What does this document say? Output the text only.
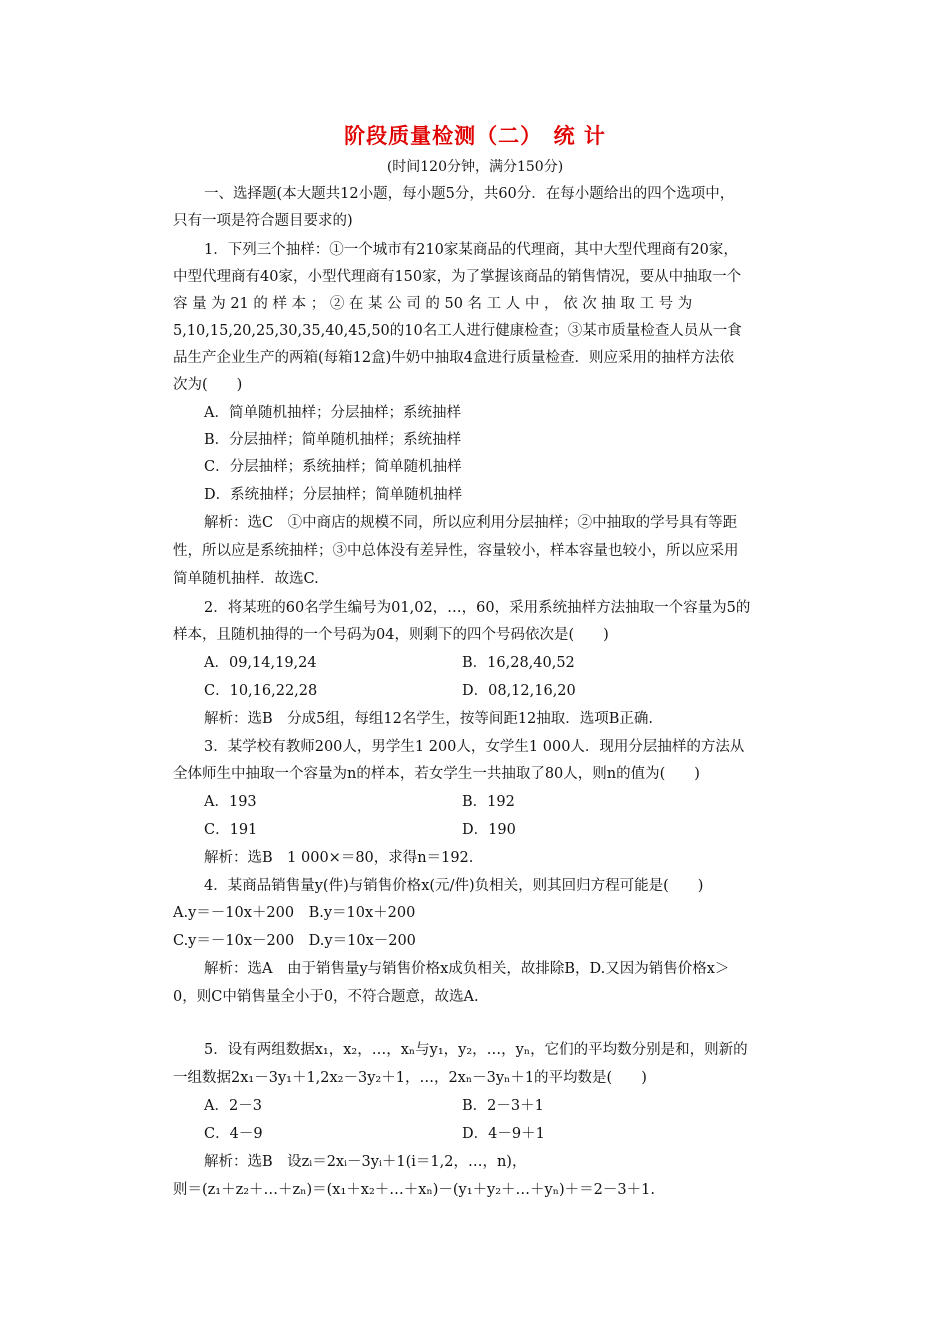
阶段质量检测（二）　统 计
(时间120分钟，满分150分)
一、选择题(本大题共12小题，每小题5分，共60分．在每小题给出的四个选项中，
只有一项是符合题目要求的)
1．下列三个抽样：①一个城市有210家某商品的代理商，其中大型代理商有20家，
中型代理商有40家，小型代理商有150家，为了掌握该商品的销售情况，要从中抽取一个
容 量 为 21 的 样 本 ； ② 在 某 公 司 的 50 名 工 人 中 ， 依 次 抽 取 工 号 为
5,10,15,20,25,30,35,40,45,50的10名工人进行健康检查；③某市质量检查人员从一食
品生产企业生产的两箱(每箱12盒)牛奶中抽取4盒进行质量检查．则应采用的抽样方法依
次为(　　)
A．简单随机抽样；分层抽样；系统抽样
B．分层抽样；简单随机抽样；系统抽样
C．分层抽样；系统抽样；简单随机抽样
D．系统抽样；分层抽样；简单随机抽样
解析：选C　①中商店的规模不同，所以应利用分层抽样；②中抽取的学号具有等距
性，所以应是系统抽样；③中总体没有差异性，容量较小，样本容量也较小，所以应采用
简单随机抽样．故选C.
2．将某班的60名学生编号为01,02，…，60，采用系统抽样方法抽取一个容量为5的
样本，且随机抽得的一个号码为04，则剩下的四个号码依次是(　　)
A．09,14,19,24	B．16,28,40,52
C．10,16,22,28	D．08,12,16,20
解析：选B　分成5组，每组12名学生，按等间距12抽取．选项B正确.
3．某学校有教师200人，男学生1 200人，女学生1 000人．现用分层抽样的方法从
全体师生中抽取一个容量为n的样本，若女学生一共抽取了80人，则n的值为(　　)
A．193	B．192
C．191	D．190
解析：选B　1 000×＝80，求得n＝192.
4．某商品销售量y(件)与销售价格x(元/件)负相关，则其回归方程可能是(　　)
A.y＝－10x＋200　B.y＝10x＋200
C.y＝－10x－200　D.y＝10x－200
解析：选A　由于销售量y与销售价格x成负相关，故排除B，D.又因为销售价格x＞
0，则C中销售量全小于0，不符合题意，故选A.
5．设有两组数据x₁，x₂，…，xₙ与y₁，y₂，…，yₙ，它们的平均数分别是和，则新的
一组数据2x₁－3y₁＋1,2x₂－3y₂＋1，…，2xₙ－3yₙ＋1的平均数是(　　)
A．2－3	B．2－3＋1
C．4－9	D．4－9＋1
解析：选B　设zᵢ＝2xᵢ－3yᵢ＋1(i＝1,2，…，n)，
则＝(z₁＋z₂＋…＋zₙ)＝(x₁＋x₂＋…＋xₙ)－(y₁＋y₂＋…＋yₙ)＋＝2－3＋1.
